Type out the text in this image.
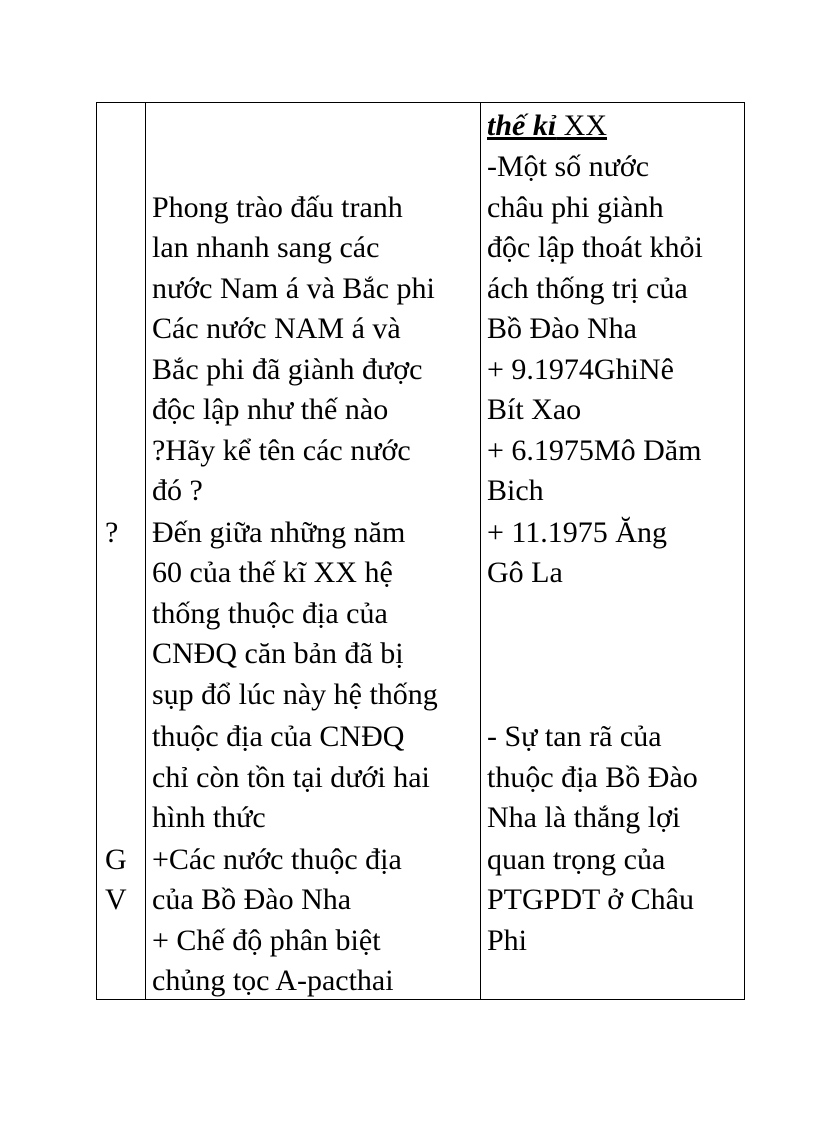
?
G
V
Phong trào đấu tranh
lan nhanh sang các
nước Nam á và Bắc phi
Các nước NAM á và
Bắc phi đã giành được
độc lập như thế nào
?Hãy kể tên các nước
đó ?
Đến giữa những năm
60 của thế kĩ XX hệ
thống thuộc địa của
CNĐQ căn bản đã bị
sụp đổ lúc này hệ thống
thuộc địa của CNĐQ
chỉ còn tồn tại dưới hai
hình thức
+Các nước thuộc địa
của Bồ Đào Nha
+ Chế độ phân biệt
chủng tọc A-pacthai
thế kỉ XX
-Một số nước
châu phi giành
độc lập thoát khỏi
ách thống trị của
Bồ Đào Nha
+ 9.1974GhiNê
Bít Xao
+ 6.1975Mô Dăm
Bich
+ 11.1975 Ăng
Gô La
- Sự tan rã của
thuộc địa Bồ Đào
Nha là thắng lợi
quan trọng của
PTGPDT ở Châu
Phi
